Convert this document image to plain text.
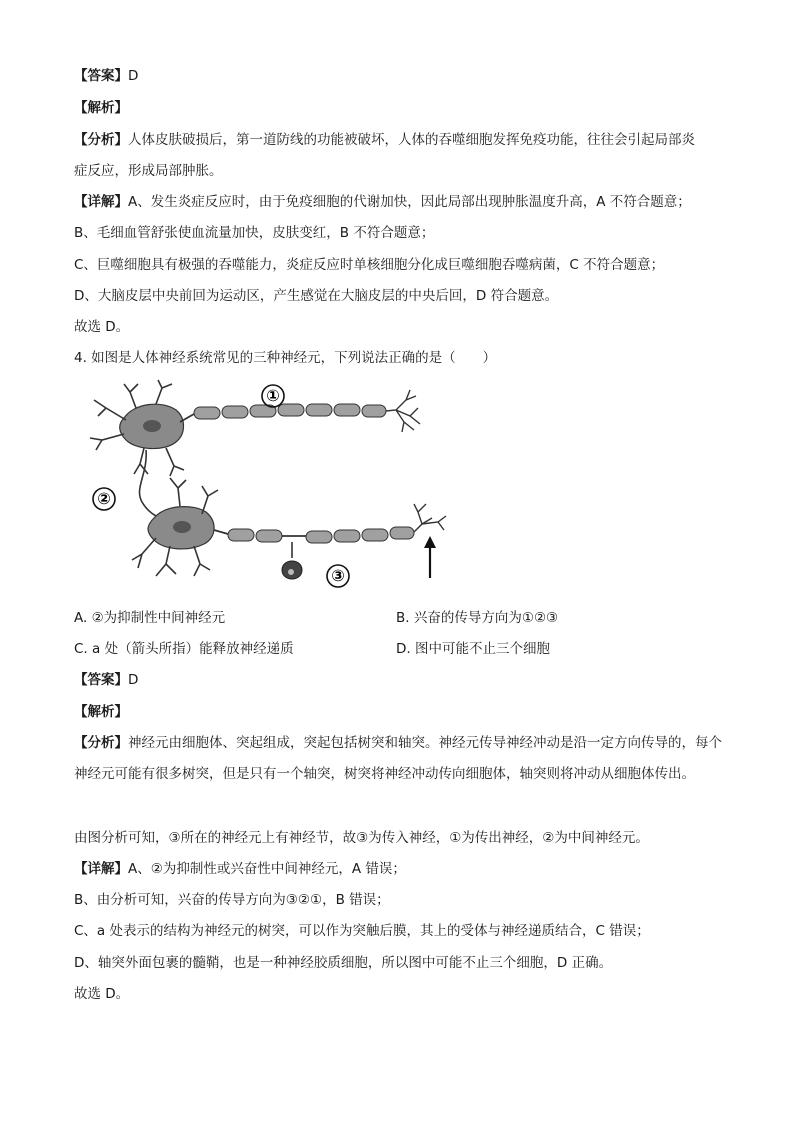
【答案】D
【解析】
【分析】人体皮肤破损后，第一道防线的功能被破坏，人体的吞噬细胞发挥免疫功能，往往会引起局部炎
症反应，形成局部肿胀。
【详解】A、发生炎症反应时，由于免疫细胞的代谢加快，因此局部出现肿胀温度升高，A 不符合题意；
B、毛细血管舒张使血流量加快，皮肤变红，B 不符合题意；
C、巨噬细胞具有极强的吞噬能力，炎症反应时单核细胞分化成巨噬细胞吞噬病菌，C 不符合题意；
D、大脑皮层中央前回为运动区，产生感觉在大脑皮层的中央后回，D 符合题意。
故选 D。
4. 如图是人体神经系统常见的三种神经元，下列说法正确的是（　　）
①
②
③
A. ②为抑制性中间神经元	B. 兴奋的传导方向为①②③
C. a 处（箭头所指）能释放神经递质	D. 图中可能不止三个细胞
【答案】D
【解析】
【分析】神经元由细胞体、突起组成，突起包括树突和轴突。神经元传导神经冲动是沿一定方向传导的，每个神经元可能有很多树突，但是只有一个轴突，树突将神经冲动传向细胞体，轴突则将冲动从细胞体传出。
由图分析可知，③所在的神经元上有神经节，故③为传入神经，①为传出神经，②为中间神经元。
【详解】A、②为抑制性或兴奋性中间神经元，A 错误；
B、由分析可知，兴奋的传导方向为③②①，B 错误；
C、a 处表示的结构为神经元的树突，可以作为突触后膜，其上的受体与神经递质结合，C 错误；
D、轴突外面包裹的髓鞘，也是一种神经胶质细胞，所以图中可能不止三个细胞，D 正确。
故选 D。
